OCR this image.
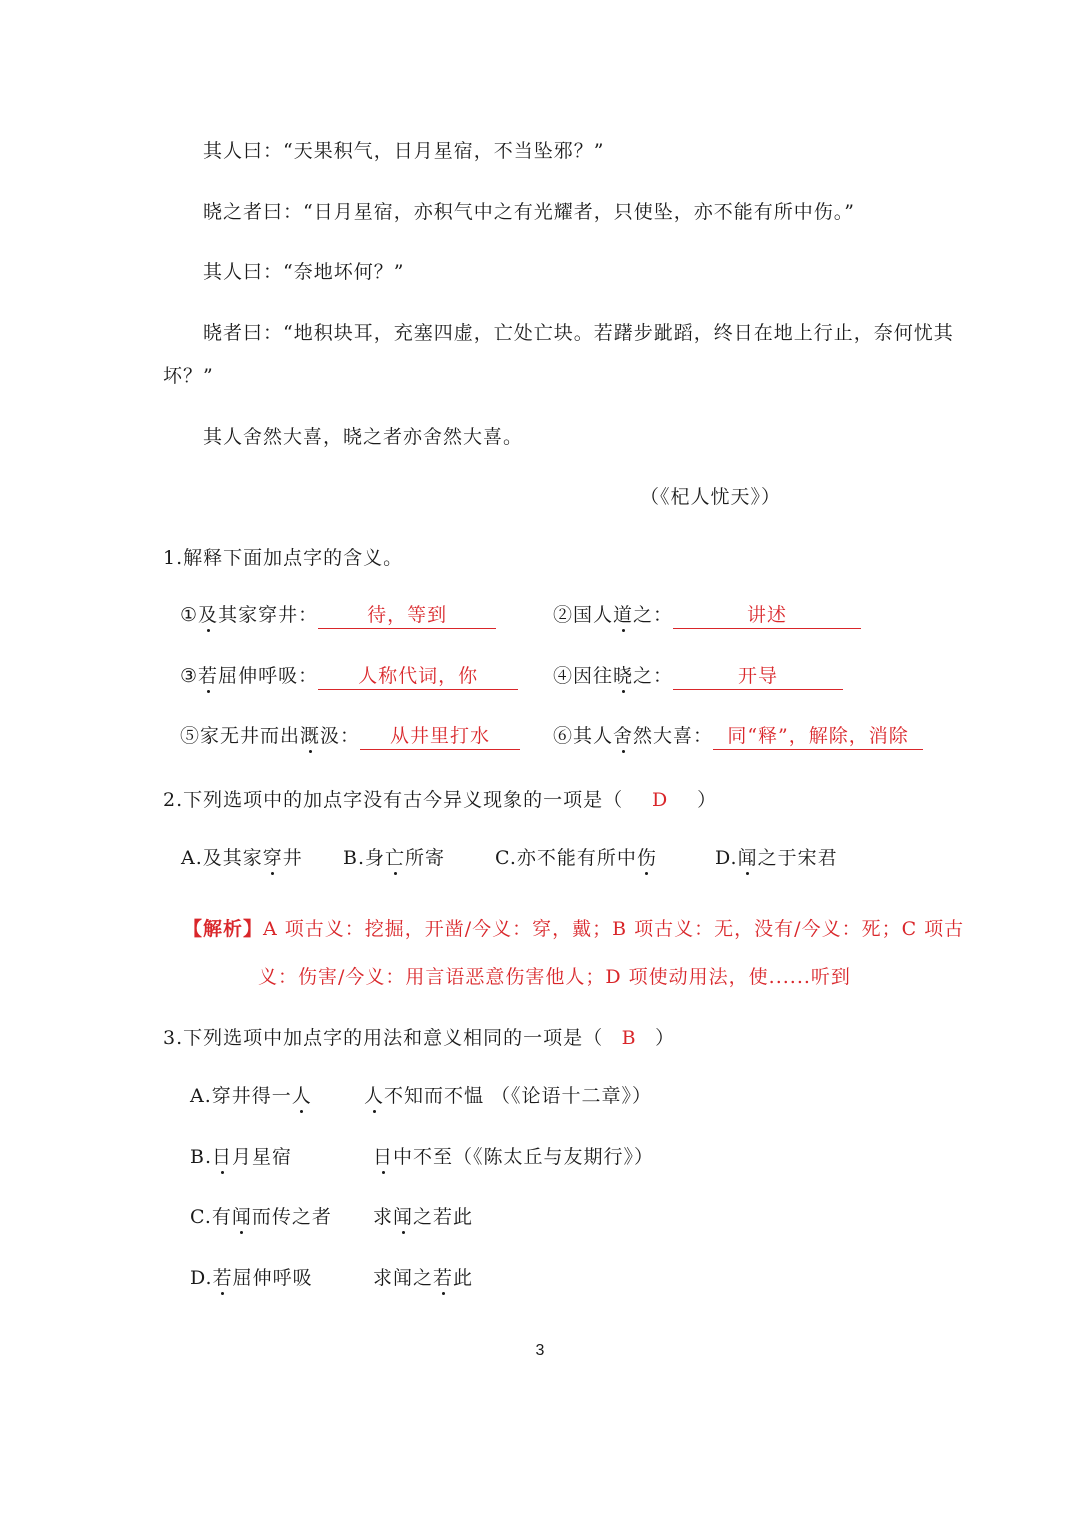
其人曰：“天果积气，日月星宿，不当坠邪？”
晓之者曰：“日月星宿，亦积气中之有光耀者，只使坠，亦不能有所中伤。”
其人曰：“奈地坏何？”
晓者曰：“地积块耳，充塞四虚，亡处亡块。若躇步跐蹈，终日在地上行止，奈何忧其
坏？”
其人舍然大喜，晓之者亦舍然大喜。
（《杞人忧天》）
1.解释下面加点字的含义。
①及其家穿井：	待，等到	②国人道之：	讲述
③若屈伸呼吸： 人称代词，你	④因往晓之：	开导
⑤家无井而出溉汲： 从井里打水	⑥其人舍然大喜： 同“释”，解除，消除
2.下列选项中的加点字没有古今异义现象的一项是（ D ）
A.及其家穿井 B.身亡所寄	C.亦不能有所中伤	D.闻之于宋君
【解析】A 项古义：挖掘，开凿/今义：穿，戴；B 项古义：无，没有/今义：死；C 项古
义：伤害/今义：用言语恶意伤害他人；D 项使动用法，使......听到
3.下列选项中加点字的用法和意义相同的一项是（ B ）
A.穿井得一人	人不知而不愠 （《论语十二章》）
B.日月星宿	日中不至（《陈太丘与友期行》）
C.有闻而传之者 求闻之若此
D.若屈伸呼吸	求闻之若此
3
